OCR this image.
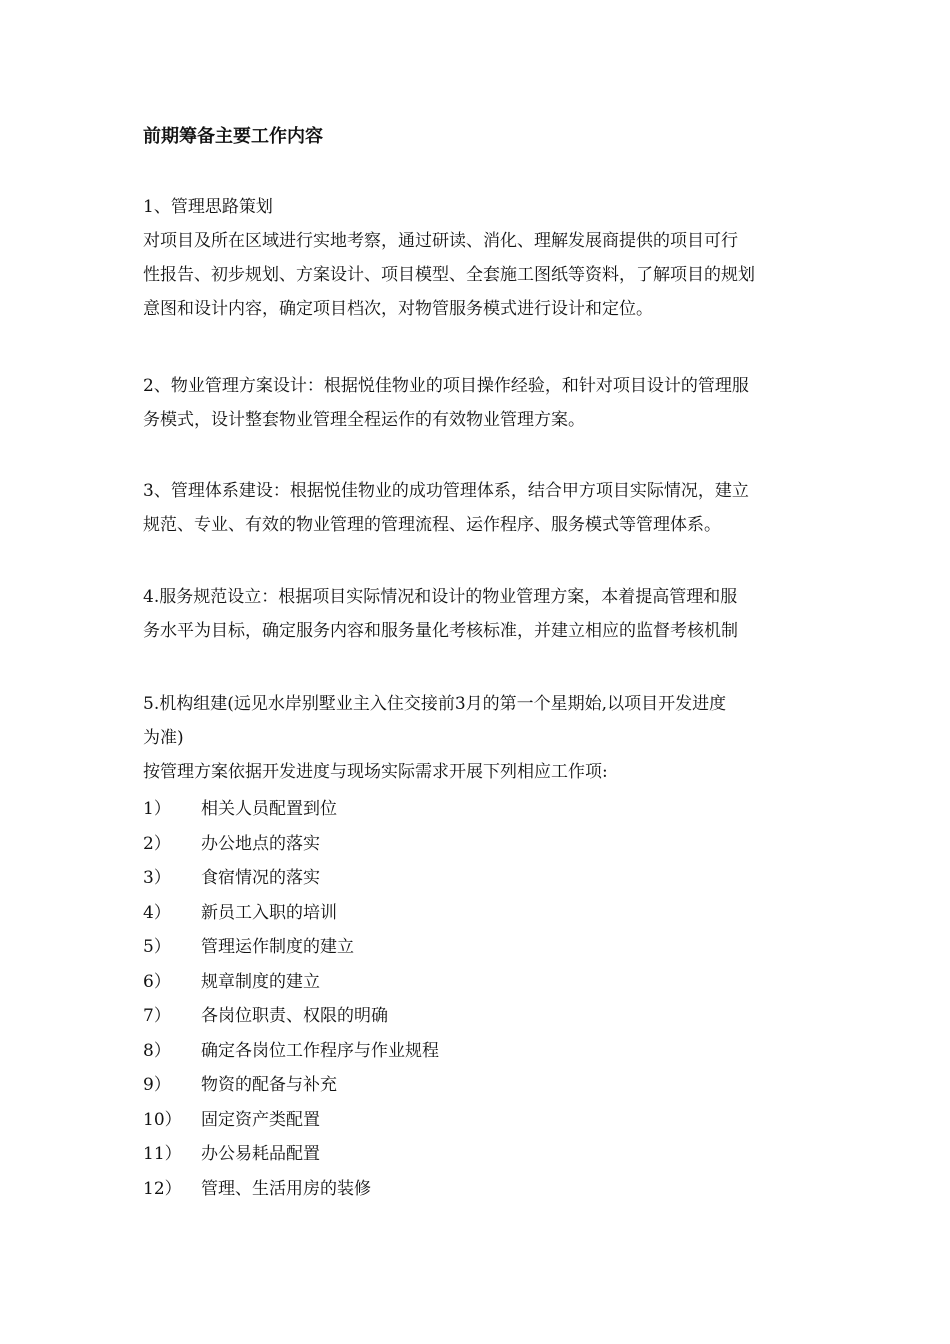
前期筹备主要工作内容
1、管理思路策划
对项目及所在区域进行实地考察，通过研读、消化、理解发展商提供的项目可行
性报告、初步规划、方案设计、项目模型、全套施工图纸等资料，了解项目的规划
意图和设计内容，确定项目档次，对物管服务模式进行设计和定位。
2、物业管理方案设计：根据悦佳物业的项目操作经验，和针对项目设计的管理服
务模式，设计整套物业管理全程运作的有效物业管理方案。
3、管理体系建设：根据悦佳物业的成功管理体系，结合甲方项目实际情况，建立
规范、专业、有效的物业管理的管理流程、运作程序、服务模式等管理体系。
4.服务规范设立：根据项目实际情况和设计的物业管理方案，本着提高管理和服
务水平为目标，确定服务内容和服务量化考核标准，并建立相应的监督考核机制
5.机构组建(远见水岸别墅业主入住交接前3月的第一个星期始,以项目开发进度
为准)
按管理方案依据开发进度与现场实际需求开展下列相应工作项:
1）	相关人员配置到位
2）	办公地点的落实
3）	食宿情况的落实
4）	新员工入职的培训
5）	管理运作制度的建立
6）	规章制度的建立
7）	各岗位职责、权限的明确
8）	确定各岗位工作程序与作业规程
9）	物资的配备与补充
10）	固定资产类配置
11）	办公易耗品配置
12）	管理、生活用房的装修
